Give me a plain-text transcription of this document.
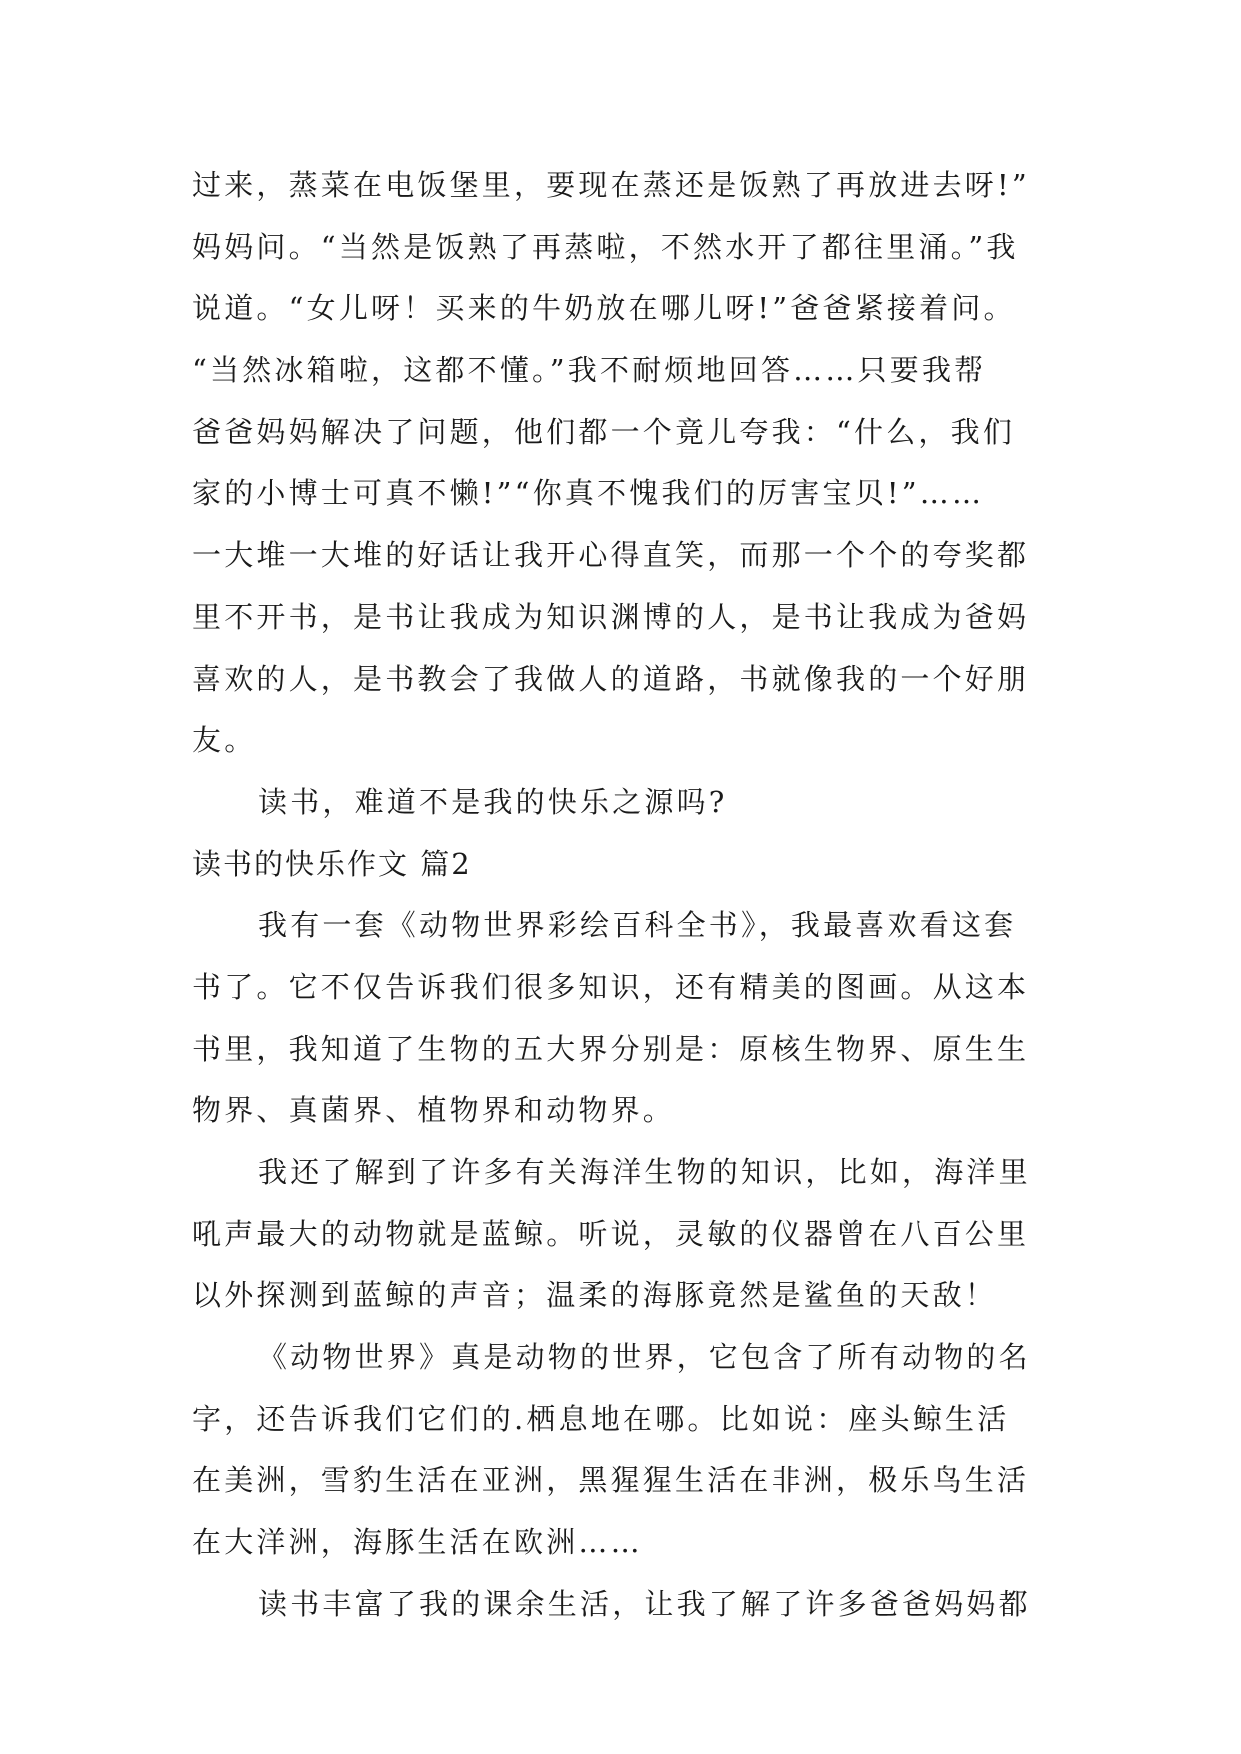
过来，蒸菜在电饭堡里，要现在蒸还是饭熟了再放进去呀!”
妈妈问。“当然是饭熟了再蒸啦，不然水开了都往里涌。”我
说道。“女儿呀！买来的牛奶放在哪儿呀!”爸爸紧接着问。
“当然冰箱啦，这都不懂。”我不耐烦地回答……只要我帮
爸爸妈妈解决了问题，他们都一个竟儿夸我：“什么，我们
家的小博士可真不懒!”“你真不愧我们的厉害宝贝!”……
一大堆一大堆的好话让我开心得直笑，而那一个个的夸奖都
里不开书，是书让我成为知识渊博的人，是书让我成为爸妈
喜欢的人，是书教会了我做人的道路，书就像我的一个好朋
友。
读书，难道不是我的快乐之源吗?
读书的快乐作文 篇2
我有一套《动物世界彩绘百科全书》，我最喜欢看这套
书了。它不仅告诉我们很多知识，还有精美的图画。从这本
书里，我知道了生物的五大界分别是：原核生物界、原生生
物界、真菌界、植物界和动物界。
我还了解到了许多有关海洋生物的知识，比如，海洋里
吼声最大的动物就是蓝鲸。听说，灵敏的仪器曾在八百公里
以外探测到蓝鲸的声音；温柔的海豚竟然是鲨鱼的天敌！
《动物世界》真是动物的世界，它包含了所有动物的名
字，还告诉我们它们的.栖息地在哪。比如说：座头鲸生活
在美洲，雪豹生活在亚洲，黑猩猩生活在非洲，极乐鸟生活
在大洋洲，海豚生活在欧洲……
读书丰富了我的课余生活，让我了解了许多爸爸妈妈都
